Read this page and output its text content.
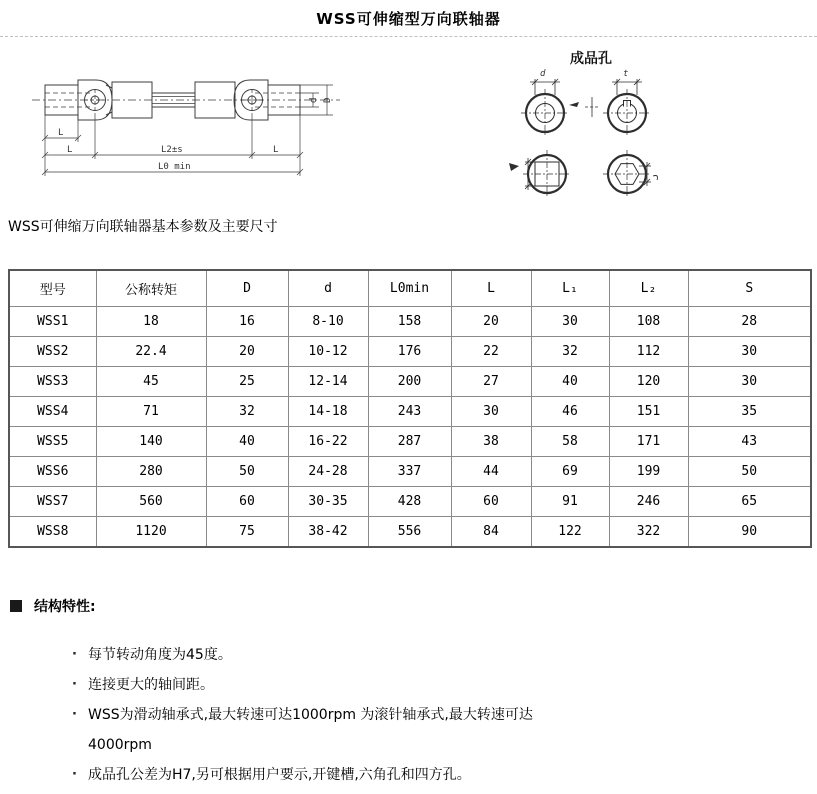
WSS可伸缩型万向联轴器
L
L	L2±s	L
L0 min
d D
成品孔
d	t
WSS可伸缩万向联轴器基本参数及主要尺寸
型号	公称转矩	D	d	L0min	L	L₁	L₂	S
WSS1	18	16	8-10	158	20	30	108	28
WSS2	22.4	20	10-12	176	22	32	112	30
WSS3	45	25	12-14	200	27	40	120	30
WSS4	71	32	14-18	243	30	46	151	35
WSS5	140	40	16-22	287	38	58	171	43
WSS6	280	50	24-28	337	44	69	199	50
WSS7	560	60	30-35	428	60	91	246	65
WSS8	1120	75	38-42	556	84	122	322	90
结构特性:
· 每节转动角度为45度。
· 连接更大的轴间距。
· WSS为滑动轴承式,最大转速可达1000rpm 为滚针轴承式,最大转速可达4000rpm
· 成品孔公差为H7,另可根据用户要示,开键槽,六角孔和四方孔。
